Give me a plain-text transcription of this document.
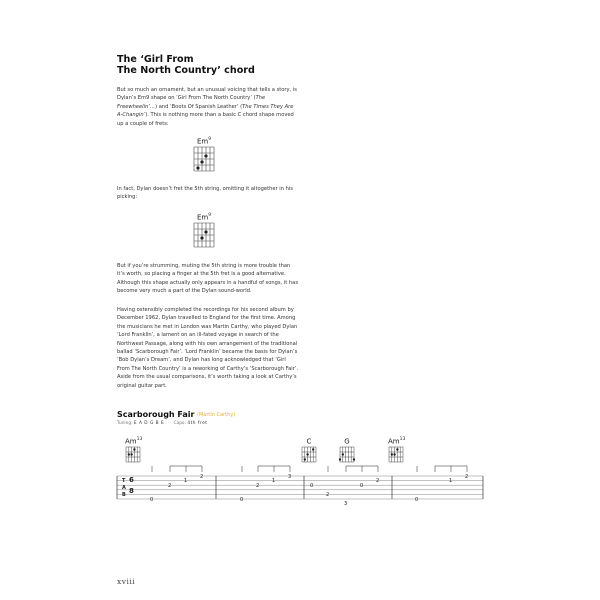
The ‘Girl From
The North Country’ chord

But so much an ornament, but an unusual voicing that tells a story, is Dylan’s Em9 shape on ‘Girl From The North Country’ (The Freewheelin’…) and ‘Boots Of Spanish Leather’ (The Times They Are A-Changin’). This is nothing more than a basic C chord shape moved up a couple of frets:

Em$^9$

In fact, Dylan doesn’t fret the 5th string, omitting it altogether in his picking:

Em$^9$

But if you’re strumming, muting the 5th string is more trouble than it’s worth, so placing a finger at the 5th fret is a good alternative. Although this shape actually only appears in a handful of songs, it has become very much a part of the Dylan sound-world.

Having ostensibly completed the recordings for his second album by December 1962, Dylan travelled to England for the first time. Among the musicians he met in London was Martin Carthy, who played Dylan ‘Lord Franklin’, a lament on an ill-fated voyage in search of the Northwest Passage, along with his own arrangement of the traditional ballad ‘Scarborough Fair’. ‘Lord Franklin’ became the basis for Dylan’s ‘Bob Dylan’s Dream’, and Dylan has long acknowledged that ‘Girl From The North Country’ is a reworking of Carthy’s ‘Scarborough Fair’. Aside from the usual comparisons, it’s worth taking a look at Carthy’s original guitar part.

Scarborough Fair (Martin Carthy)
Tuning: E A D G B E Capo: 4th fret
Am$^{13}$	C	G	Am$^{13}$
T
A
B
6
8
0
2
1
2
0
2
1
3
0
2
3
0
2
0
1
2
xviii
